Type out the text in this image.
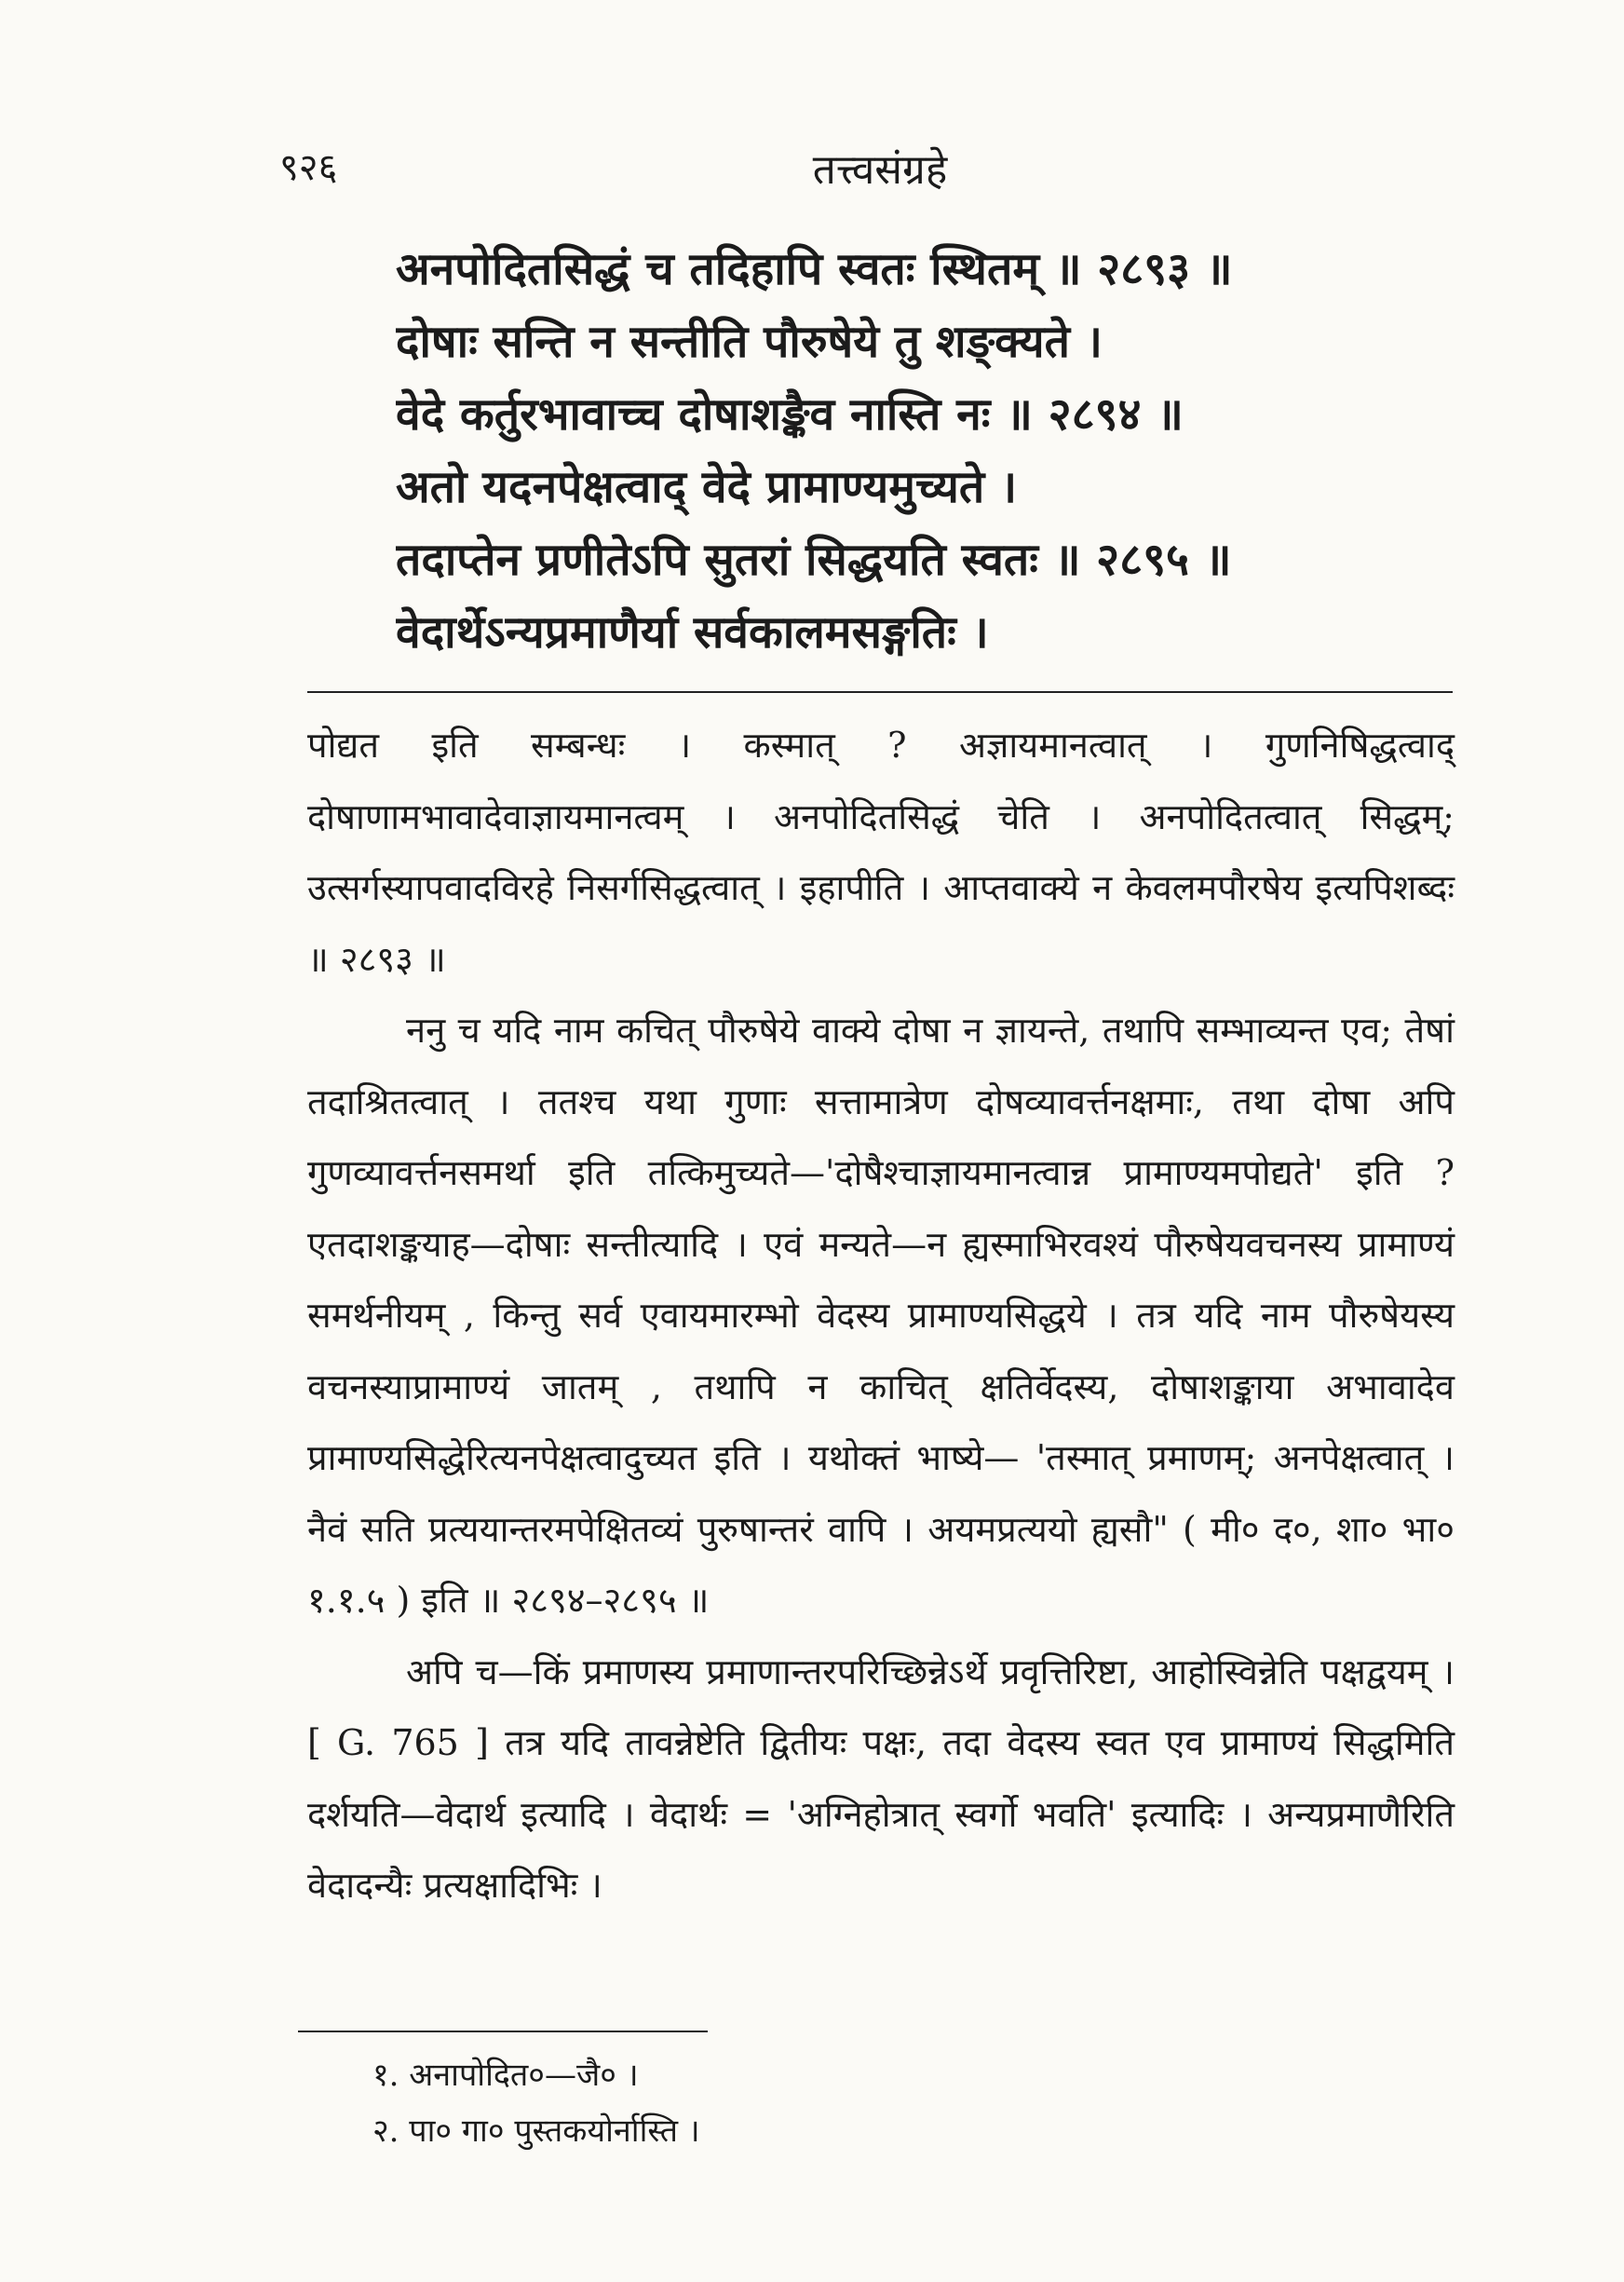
९२६	तत्त्वसंग्रहे
अनपोदितसिद्धं च तदिहापि स्वतः स्थितम् ॥ २८९३ ॥
दोषाः सन्ति न सन्तीति पौरुषेये तु शङ्क्यते ।
वेदे कर्तुरभावाच्च दोषाशङ्कैव नास्ति नः ॥ २८९४ ॥
अतो यदनपेक्षत्वाद् वेदे प्रामाण्यमुच्यते ।
तदाप्तेन प्रणीतेऽपि सुतरां सिद्धयति स्वतः ॥ २८९५ ॥
वेदार्थेऽन्यप्रमाणैर्या सर्वकालमसङ्गतिः ।

पोद्यत इति सम्बन्धः । कस्मात् ? अज्ञायमानत्वात् । गुणनिषिद्धत्वाद् दोषाणामभावादेवाज्ञायमानत्वम् । अनपोदितसिद्धं चेति । अनपोदितत्वात् सिद्धम्; उत्सर्गस्यापवादविरहे निसर्गसिद्धत्वात् । इहापीति । आप्तवाक्ये न केवलमपौरषेय इत्यपिशब्दः ॥ २८९३ ॥

ननु च यदि नाम कचित् पौरुषेये वाक्ये दोषा न ज्ञायन्ते, तथापि सम्भाव्यन्त एव; तेषां तदाश्रितत्वात् । ततश्च यथा गुणाः सत्तामात्रेण दोषव्यावर्त्तनक्षमाः, तथा दोषा अपि गुणव्यावर्त्तनसमर्था इति तत्किमुच्यते—'दोषैश्चाज्ञायमानत्वान्न प्रामाण्यमपोद्यते' इति ? एतदाशङ्कयाह—दोषाः सन्तीत्यादि । एवं मन्यते—न ह्यस्माभिरवश्यं पौरुषेयवचनस्य प्रामाण्यं समर्थनीयम् , किन्तु सर्व एवायमारम्भो वेदस्य प्रामाण्यसिद्धये । तत्र यदि नाम पौरुषेयस्य वचनस्याप्रामाण्यं जातम् , तथापि न काचित् क्षतिर्वेदस्य, दोषाशङ्काया अभावादेव प्रामाण्यसिद्धेरित्यनपेक्षत्वादुच्यत इति । यथोक्तं भाष्ये— 'तस्मात् प्रमाणम्; अनपेक्षत्वात् । नैवं सति प्रत्ययान्तरमपेक्षितव्यं पुरुषान्तरं वापि । अयमप्रत्ययो ह्यसौ" ( मी० द०, शा० भा० १.१.५ ) इति ॥ २८९४–२८९५ ॥

अपि च—किं प्रमाणस्य प्रमाणान्तरपरिच्छिन्नेऽर्थे प्रवृत्तिरिष्टा, आहोस्विन्नेति पक्षद्वयम् । [ G. 765 ] तत्र यदि तावन्नेष्टेति द्वितीयः पक्षः, तदा वेदस्य स्वत एव प्रामाण्यं सिद्धमिति दर्शयति—वेदार्थ इत्यादि । वेदार्थः = 'अग्निहोत्रात् स्वर्गो भवति' इत्यादिः । अन्यप्रमाणैरिति वेदादन्यैः प्रत्यक्षादिभिः ।

१. अनापोदित०—जै० ।
२. पा० गा० पुस्तकयोर्नास्ति ।
